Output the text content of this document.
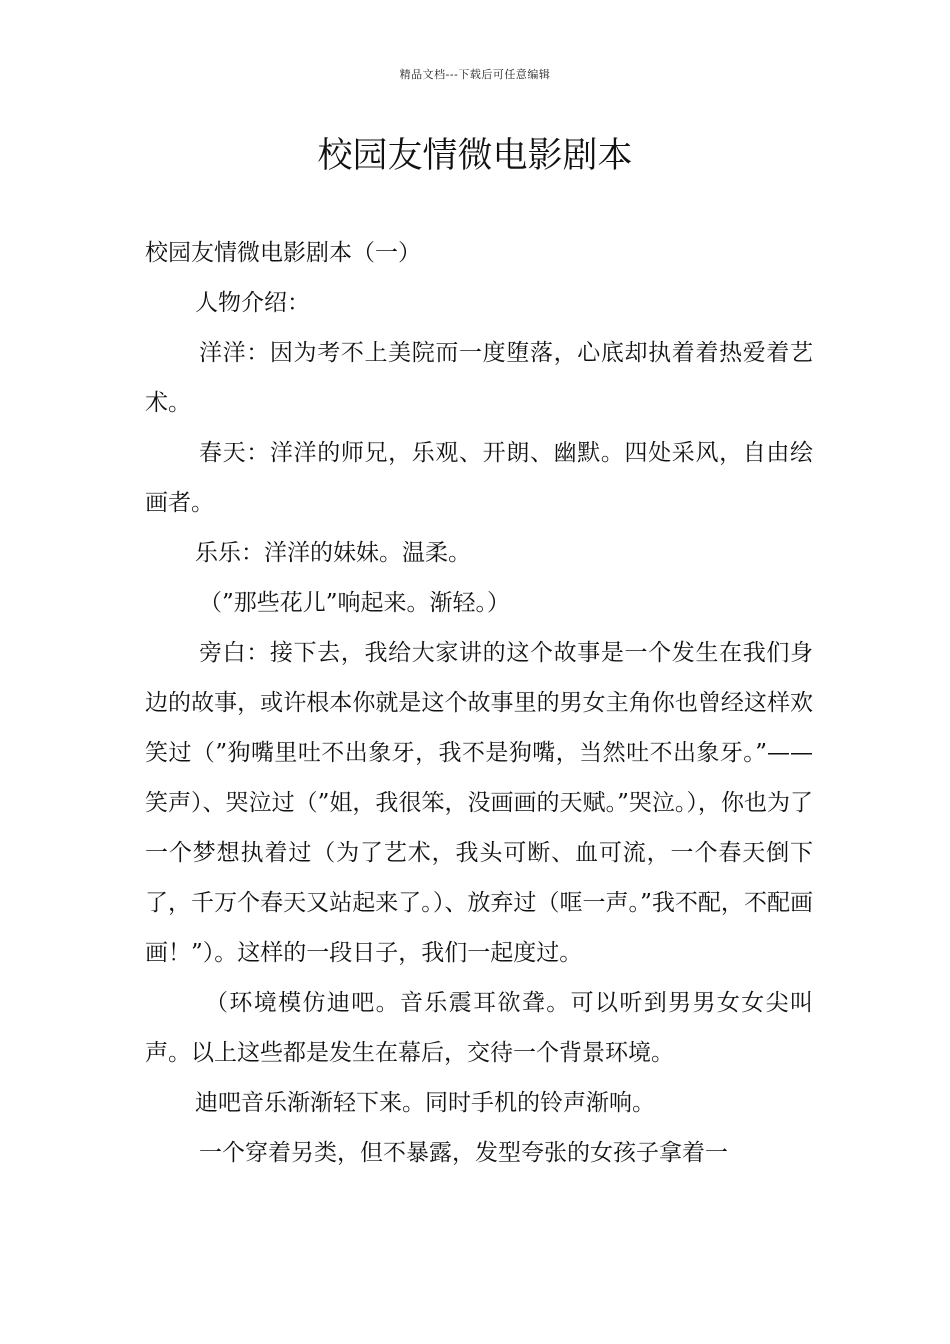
精品文档---下载后可任意编辑
校园友情微电影剧本

校园友情微电影剧本（一）

人物介绍：

洋洋：因为考不上美院而一度堕落，心底却执着着热爱着艺术。

春天：洋洋的师兄，乐观、开朗、幽默。四处采风，自由绘画者。

乐乐：洋洋的妹妹。温柔。

（”那些花儿”响起来。渐轻。）

旁白：接下去，我给大家讲的这个故事是一个发生在我们身边的故事，或许根本你就是这个故事里的男女主角你也曾经这样欢笑过（”狗嘴里吐不出象牙，我不是狗嘴，当然吐不出象牙。”——笑声）、哭泣过（”姐，我很笨，没画画的天赋。”哭泣。），你也为了一个梦想执着过（为了艺术，我头可断、血可流，一个春天倒下了，千万个春天又站起来了。）、放弃过（哐一声。”我不配，不配画画！”）。这样的一段日子，我们一起度过。

（环境模仿迪吧。音乐震耳欲聋。可以听到男男女女尖叫声。以上这些都是发生在幕后，交待一个背景环境。

迪吧音乐渐渐轻下来。同时手机的铃声渐响。

一个穿着另类，但不暴露，发型夸张的女孩子拿着一
